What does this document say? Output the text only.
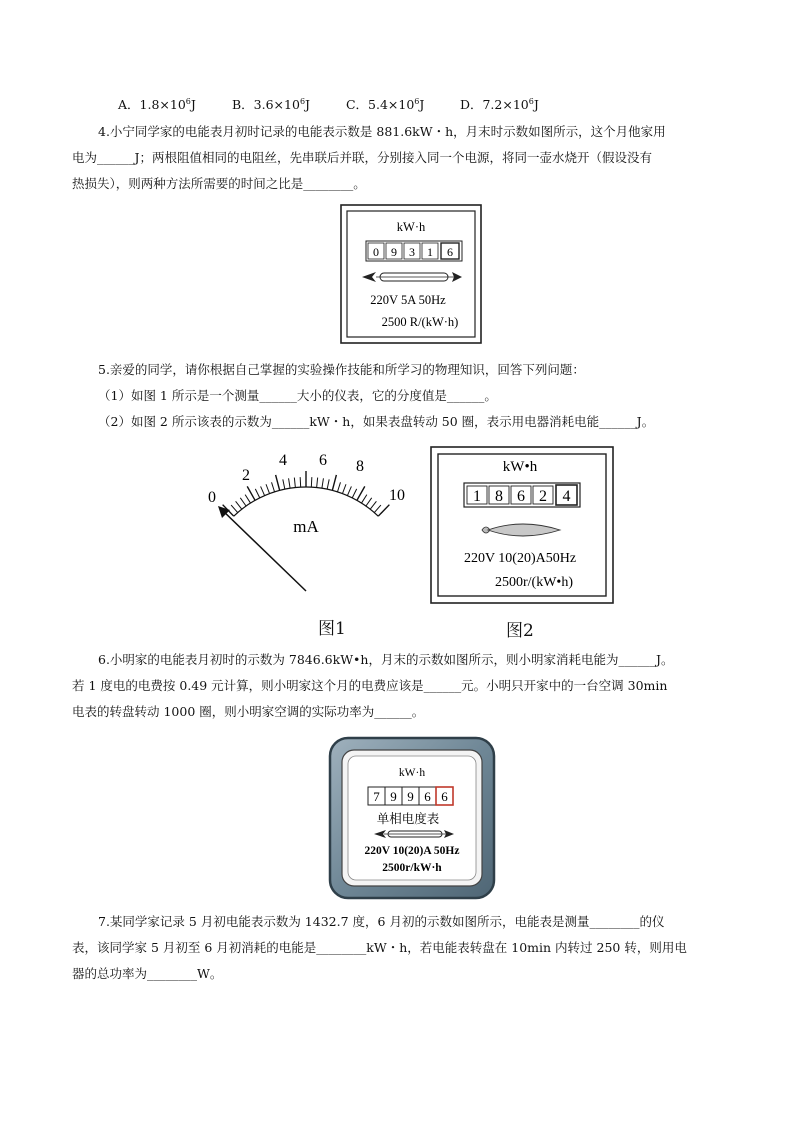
A．$1.8\times 10^6J$	B．$3.6\times 10^6J$	C．$5.4\times 10^6J$	D．$7.2\times 10^6J$
4.小宁同学家的电能表月初时记录的电能表示数是 881.6kW・h，月末时示数如图所示，这个月他家用
电为______J；两根阻值相同的电阻丝，先串联后并联，分别接入同一个电源，将同一壶水烧开（假设没有
热损失），则两种方法所需要的时间之比是________。
kW·h
0 9 3 1 6
220V 5A 50Hz
2500 R/(kW·h)
5.亲爱的同学，请你根据自己掌握的实验操作技能和所学习的物理知识，回答下列问题：
（1）如图 1 所示是一个测量______大小的仪表，它的分度值是______。
（2）如图 2 所示该表的示数为______kW・h，如果表盘转动 50 圈，表示用电器消耗电能______J。
0
2
4 6 8
10
mA
图1
kW•h
1 8 6 2 4
220V 10(20)A50Hz
2500r/(kW•h)
图2
6.小明家的电能表月初时的示数为 7846.6kW•h，月末的示数如图所示，则小明家消耗电能为______J。
若 1 度电的电费按 0.49 元计算，则小明家这个月的电费应该是______元。小明只开家中的一台空调 30min
电表的转盘转动 1000 圈，则小明家空调的实际功率为______。
kW·h
7 9 9 6 6
单相电度表
220V 10(20)A 50Hz
2500r/kW·h
7.某同学家记录 5 月初电能表示数为 1432.7 度，6 月初的示数如图所示，电能表是测量________的仪
表，该同学家 5 月初至 6 月初消耗的电能是________kW・h，若电能表转盘在 10min 内转过 250 转，则用电
器的总功率为________W。
